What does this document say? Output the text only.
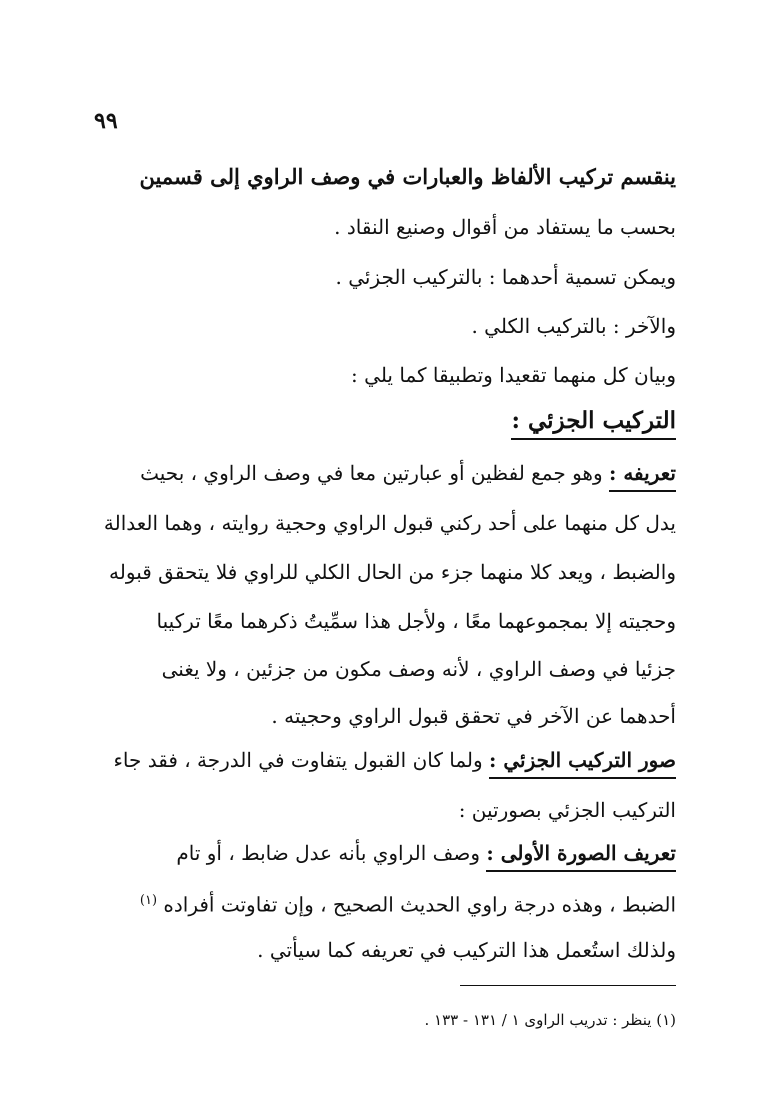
٩٩
ينقسم تركيب الألفاظ والعبارات في وصف الراوي إلى قسمين
بحسب ما يستفاد من أقوال وصنيع النقاد .
ويمكن تسمية أحدهما : بالتركيب الجزئي .
والآخر : بالتركيب الكلي .
وبيان كل منهما تقعيدا وتطبيقا كما يلي :
التركيب الجزئي :
تعريفه : وهو جمع لفظين أو عبارتين معا في وصف الراوي ، بحيث
يدل كل منهما على أحد ركني قبول الراوي وحجية روايته ، وهما العدالة
والضبط ، ويعد كلا منهما جزء من الحال الكلي للراوي فلا يتحقق قبوله
وحجيته إلا بمجموعهما معًا ، ولأجل هذا سمِّيتُ ذكرهما معًا تركيبا
جزئيا في وصف الراوي ، لأنه وصف مكون من جزئين ، ولا يغنى
أحدهما عن الآخر في تحقق قبول الراوي وحجيته .
صور التركيب الجزئي : ولما كان القبول يتفاوت في الدرجة ، فقد جاء
التركيب الجزئي بصورتين :
تعريف الصورة الأولى : وصف الراوي بأنه عدل ضابط ، أو تام
الضبط ، وهذه درجة راوي الحديث الصحيح ، وإن تفاوتت أفراده $^{(١)}$
ولذلك استُعمل هذا التركيب في تعريفه كما سيأتي .
(١) ينظر : تدريب الراوى ١ / ١٣١ - ١٣٣ .
